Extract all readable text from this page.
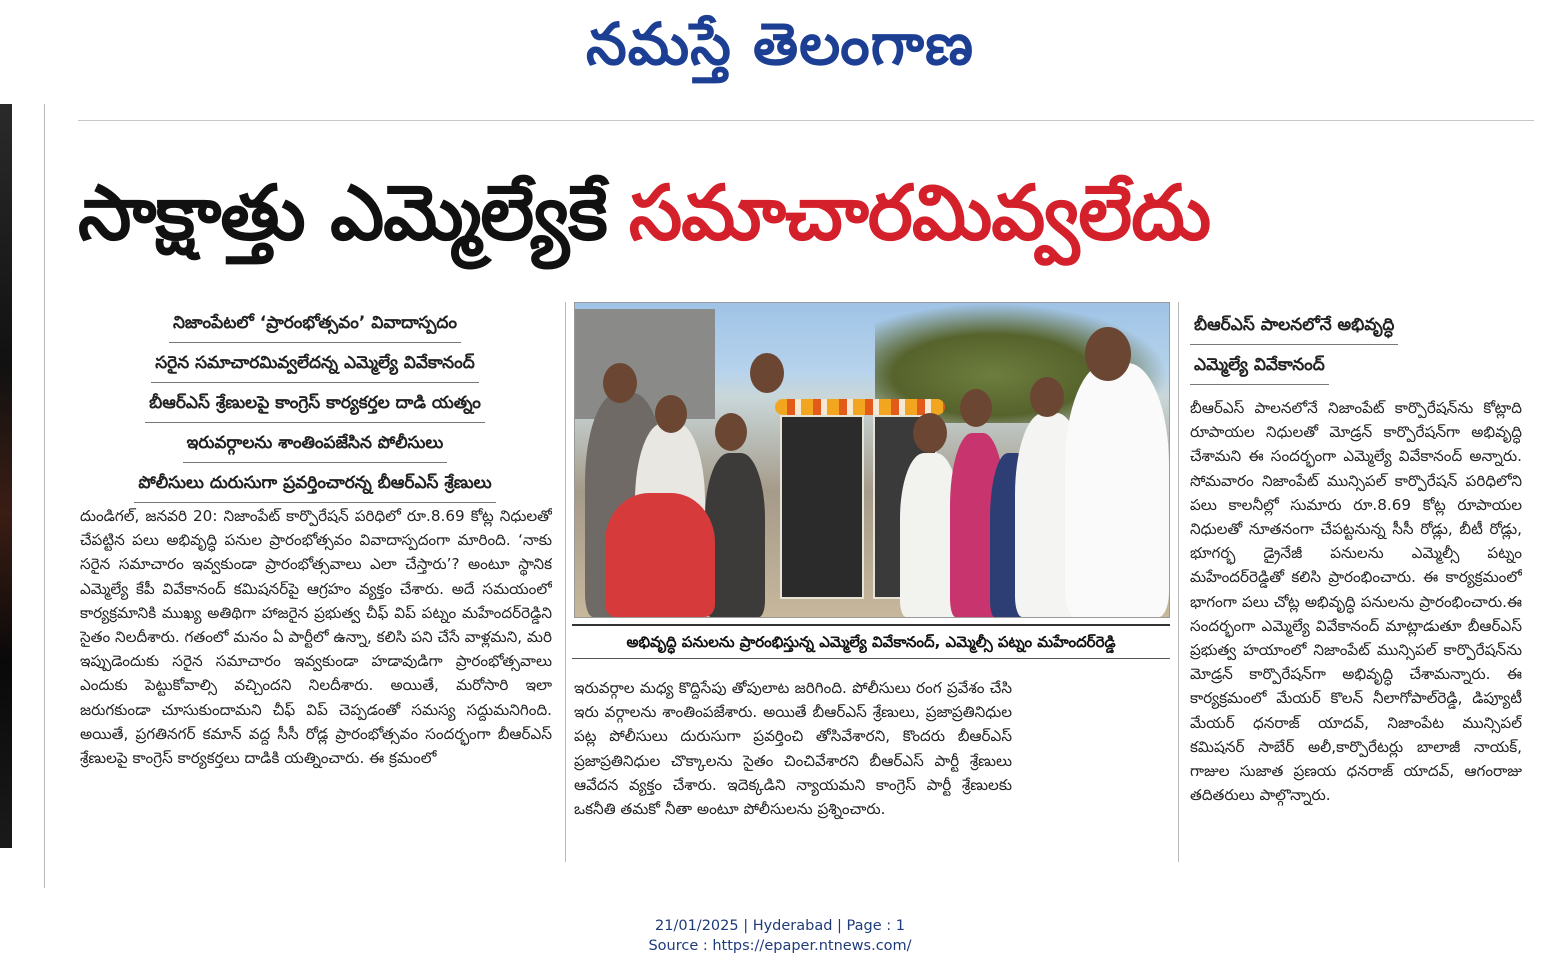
నమస్తే తెలంగాణ
సాక్షాత్తు ఎమ్మెల్యేకే సమాచారమివ్వలేదు
నిజాంపేటలో ‘ప్రారంభోత్సవం’ వివాదాస్పదం
సరైన సమాచారమివ్వలేదన్న ఎమ్మెల్యే వివేకానంద్
బీఆర్ఎస్ శ్రేణులపై కాంగ్రెస్ కార్యకర్తల దాడి యత్నం
ఇరువర్గాలను శాంతింపజేసిన పోలీసులు
పోలీసులు దురుసుగా ప్రవర్తించారన్న బీఆర్ఎస్ శ్రేణులు

దుండిగల్, జనవరి 20: నిజాంపేట్ కార్పొరేషన్ పరిధిలో రూ.8.69 కోట్ల నిధులతో చేపట్టిన పలు అభివృద్ధి పనుల ప్రారంభోత్సవం వివాదాస్పదంగా మారింది. ‘నాకు సరైన సమాచారం ఇవ్వకుండా ప్రారంభోత్సవాలు ఎలా చేస్తారు’? అంటూ స్థానిక ఎమ్మెల్యే కేపీ వివేకానంద్ కమిషనర్‌పై ఆగ్రహం వ్యక్తం చేశారు. అదే సమయంలో కార్యక్రమానికి ముఖ్య అతిథిగా హాజరైన ప్రభుత్వ చీఫ్ విప్ పట్నం మహేందర్‌రెడ్డిని సైతం నిలదీశారు. గతంలో మనం ఏ పార్టీలో ఉన్నా, కలిసి పని చేసే వాళ్లమని, మరి ఇప్పుడెందుకు సరైన సమాచారం ఇవ్వకుండా హడావుడిగా ప్రారంభోత్సవాలు ఎందుకు పెట్టుకోవాల్సి వచ్చిందని నిలదీశారు. అయితే, మరోసారి ఇలా జరుగకుండా చూసుకుందామని చీఫ్ విప్ చెప్పడంతో సమస్య సద్దుమనిగింది. అయితే, ప్రగతినగర్ కమాన్ వద్ద సీసీ రోడ్ల ప్రారంభోత్సవం సందర్భంగా బీఆర్ఎస్ శ్రేణులపై కాంగ్రెస్ కార్యకర్తలు దాడికి యత్నించారు. ఈ క్రమంలో

అభివృద్ధి పనులను ప్రారంభిస్తున్న ఎమ్మెల్యే వివేకానంద్, ఎమ్మెల్సీ పట్నం మహేందర్‌రెడ్డి

ఇరువర్గాల మధ్య కొద్దిసేపు తోపులాట జరిగింది. పోలీసులు రంగ ప్రవేశం చేసి ఇరు వర్గాలను శాంతింపజేశారు. అయితే బీఆర్ఎస్ శ్రేణులు, ప్రజాప్రతినిధుల పట్ల పోలీసులు దురుసుగా ప్రవర్తించి తోసివేశారని, కొందరు బీఆర్ఎస్ ప్రజాప్రతినిధుల చొక్కాలను సైతం చించివేశారని బీఆర్ఎస్ పార్టీ శ్రేణులు ఆవేదన వ్యక్తం చేశారు. ఇదెక్కడిని న్యాయమని కాంగ్రెస్ పార్టీ శ్రేణులకు ఒకనీతి తమకో నీతా అంటూ పోలీసులను ప్రశ్నించారు.

బీఆర్ఎస్ పాలనలోనే అభివృద్ధి
ఎమ్మెల్యే వివేకానంద్

బీఆర్ఎస్ పాలనలోనే నిజాంపేట్ కార్పొరేషన్‌ను కోట్లాది రూపాయల నిధులతో మోడ్రన్ కార్పొరేషన్‌గా అభివృద్ధి చేశామని ఈ సందర్భంగా ఎమ్మెల్యే వివేకానంద్ అన్నారు. సోమవారం నిజాంపేట్ మున్సిపల్ కార్పొరేషన్ పరిధిలోని పలు కాలనీల్లో సుమారు రూ.8.69 కోట్ల రూపాయల నిధులతో నూతనంగా చేపట్టనున్న సీసీ రోడ్లు, బీటీ రోడ్లు, భూగర్భ డ్రైనేజీ పనులను ఎమ్మెల్సీ పట్నం మహేందర్‌రెడ్డితో కలిసి ప్రారంభించారు. ఈ కార్యక్రమంలో భాగంగా పలు చోట్ల అభివృద్ధి పనులను ప్రారంభించారు.ఈ సందర్భంగా ఎమ్మెల్యే వివేకానంద్ మాట్లాడుతూ బీఆర్ఎస్ ప్రభుత్వ హయాంలో నిజాంపేట్ మున్సిపల్ కార్పొరేషన్‌ను మోడ్రన్ కార్పొరేషన్‌గా అభివృద్ధి చేశామన్నారు. ఈ కార్యక్రమంలో మేయర్ కొలన్ నీలాగోపాల్‌రెడ్డి, డిప్యూటీ మేయర్ ధనరాజ్ యాదవ్, నిజాంపేట మున్సిపల్ కమిషనర్ సాబేర్ అలీ,కార్పొరేటర్లు బాలాజీ నాయక్, గాజుల సుజాత ప్రణయ ధనరాజ్ యాదవ్, ఆగంరాజు తదితరులు పాల్గొన్నారు.

21/01/2025 | Hyderabad | Page : 1
Source : https://epaper.ntnews.com/
